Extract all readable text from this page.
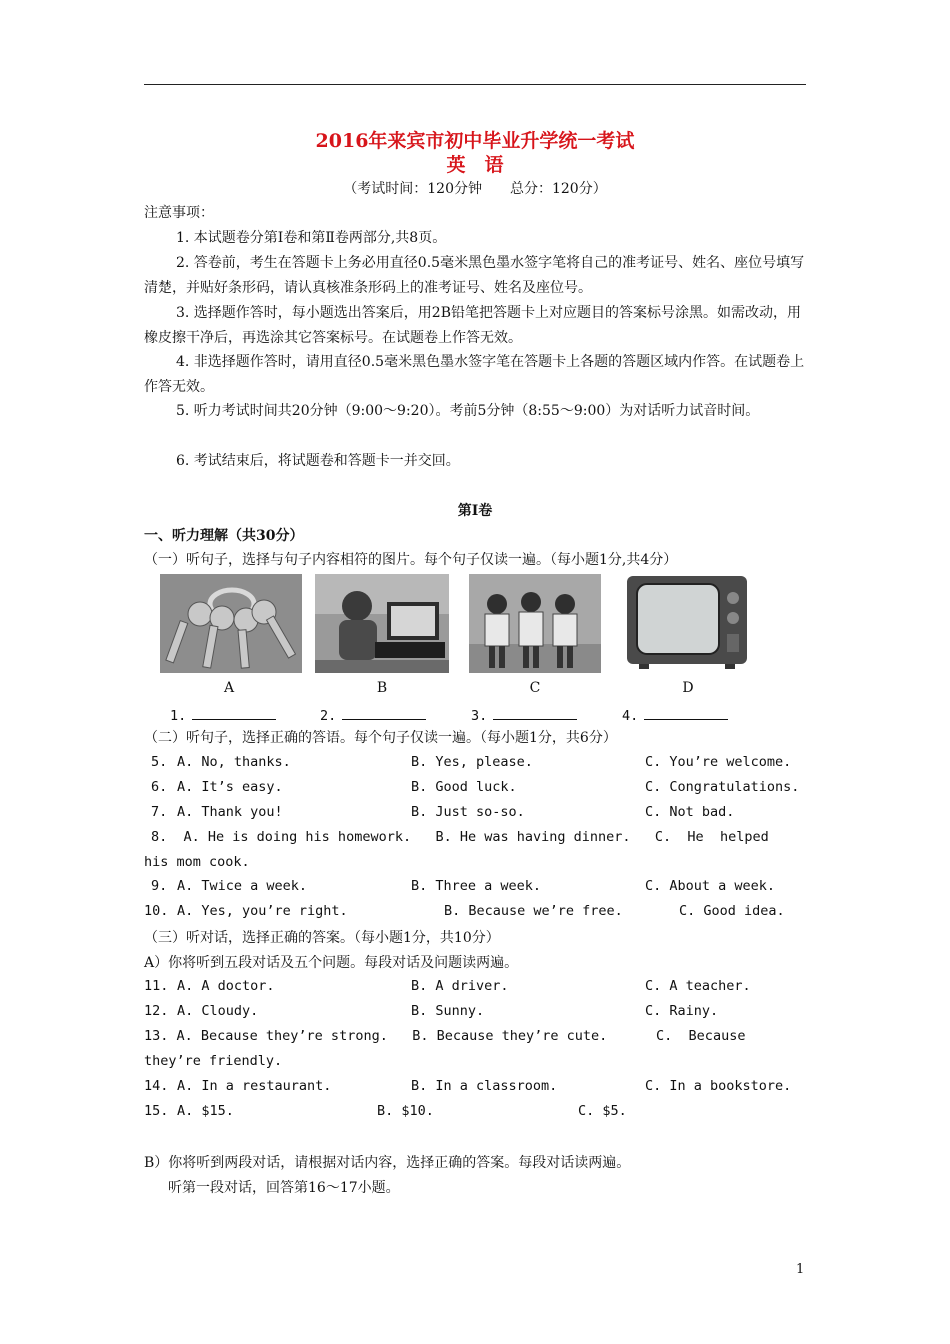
2016年来宾市初中毕业升学统一考试
英　语
（考试时间：120分钟　　总分：120分）
注意事项：
1. 本试题卷分第Ⅰ卷和第Ⅱ卷两部分,共8页。
2. 答卷前，考生在答题卡上务必用直径0.5毫米黑色墨水签字笔将自己的准考证号、姓名、座位号填写清楚，并贴好条形码，请认真核准条形码上的准考证号、姓名及座位号。
3. 选择题作答时，每小题选出答案后，用2B铅笔把答题卡上对应题目的答案标号涂黑。如需改动，用橡皮擦干净后，再选涂其它答案标号。在试题卷上作答无效。
4. 非选择题作答时，请用直径0.5毫米黑色墨水签字笔在答题卡上各题的答题区域内作答。在试题卷上作答无效。
5. 听力考试时间共20分钟（9:00～9:20）。考前5分钟（8:55～9:00）为对话听力试音时间。
6. 考试结束后，将试题卷和答题卡一并交回。
第Ⅰ卷
一、听力理解（共30分）
（一）听句子，选择与句子内容相符的图片。每个句子仅读一遍。（每小题1分,共4分）
A	B	C	D
1.	2.	3.	4.
（二）听句子，选择正确的答语。每个句子仅读一遍。（每小题1分，共6分）
5. A. No, thanks.	B. Yes, please.	C. You’re welcome.
6. A. It’s easy.	B. Good luck.	C. Congratulations.
7. A. Thank you!	B. Just so-so.	C. Not bad.
8.  A. He is doing his homework.   B. He was having dinner.   C.  He  helped
his mom cook.
9. A. Twice a week.	B. Three a week.	C. About a week.
10. A. Yes, you’re right.	B. Because we’re free.	C. Good idea.
（三）听对话，选择正确的答案。（每小题1分，共10分）
A）你将听到五段对话及五个问题。每段对话及问题读两遍。
11. A. A doctor.	B. A driver.	C. A teacher.
12. A. Cloudy.	B. Sunny.	C. Rainy.
13. A. Because they’re strong.   B. Because they’re cute.      C.  Because
they’re friendly.
14. A. In a restaurant.	B. In a classroom.	C. In a bookstore.
15. A. $15.	B. $10.	C. $5.
B）你将听到两段对话，请根据对话内容，选择正确的答案。每段对话读两遍。
听第一段对话，回答第16～17小题。
1
